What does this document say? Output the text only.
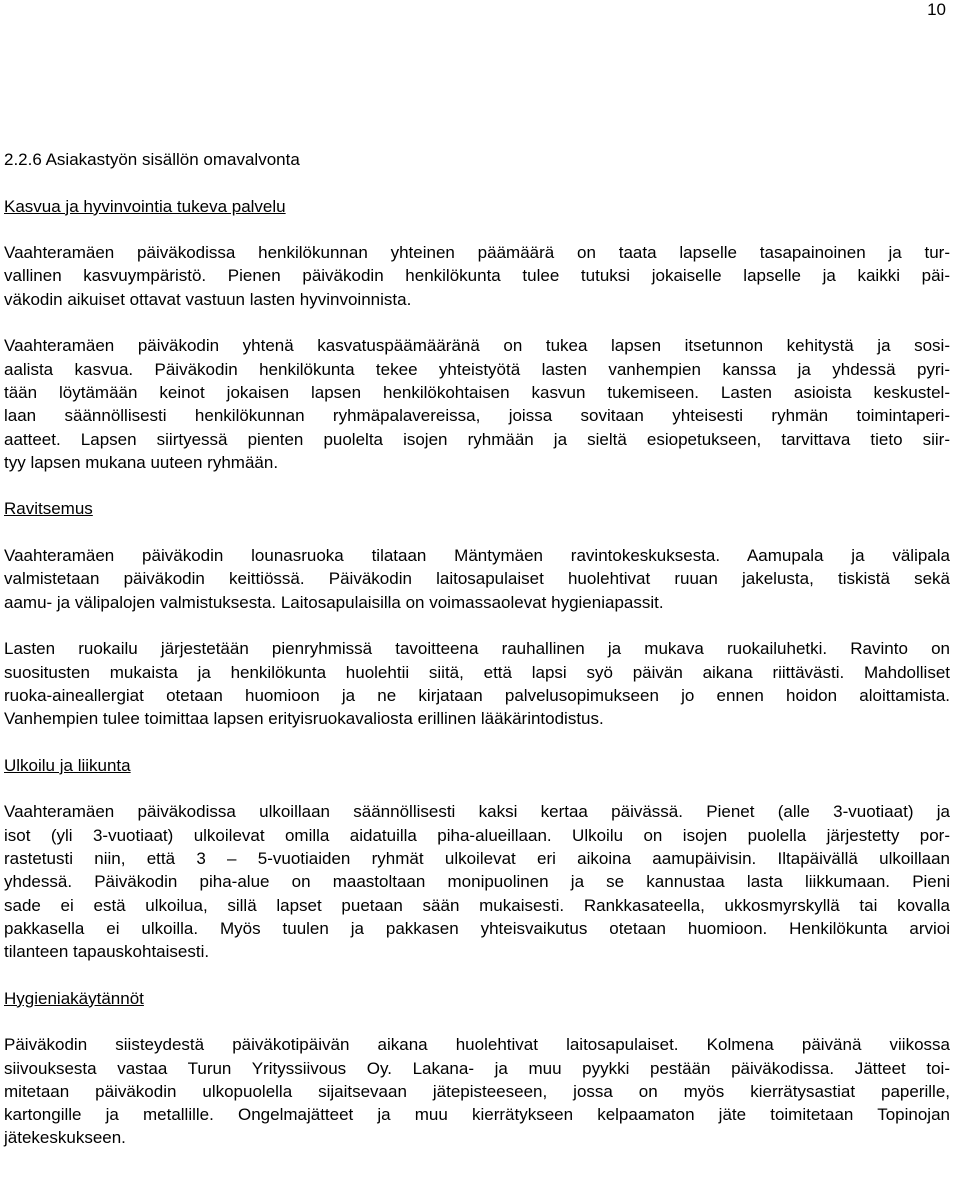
10
2.2.6 Asiakastyön sisällön omavalvonta
Kasvua ja hyvinvointia tukeva palvelu
Vaahteramäen päiväkodissa henkilökunnan yhteinen päämäärä on taata lapselle tasapainoinen ja tur-
vallinen kasvuympäristö. Pienen päiväkodin henkilökunta tulee tutuksi jokaiselle lapselle ja kaikki päi-
väkodin aikuiset ottavat vastuun lasten hyvinvoinnista.
Vaahteramäen päiväkodin yhtenä kasvatuspäämääränä on tukea lapsen itsetunnon kehitystä ja sosi-
aalista kasvua. Päiväkodin henkilökunta tekee yhteistyötä lasten vanhempien kanssa ja yhdessä pyri-
tään löytämään keinot jokaisen lapsen henkilökohtaisen kasvun tukemiseen. Lasten asioista keskustel-
laan säännöllisesti henkilökunnan ryhmäpalavereissa, joissa sovitaan yhteisesti ryhmän toimintaperi-
aatteet. Lapsen siirtyessä pienten puolelta isojen ryhmään ja sieltä esiopetukseen, tarvittava tieto siir-
tyy lapsen mukana uuteen ryhmään.
Ravitsemus
Vaahteramäen päiväkodin lounasruoka tilataan Mäntymäen ravintokeskuksesta. Aamupala ja välipala
valmistetaan päiväkodin keittiössä. Päiväkodin laitosapulaiset huolehtivat ruuan jakelusta, tiskistä sekä
aamu- ja välipalojen valmistuksesta. Laitosapulaisilla on voimassaolevat hygieniapassit.
Lasten ruokailu järjestetään pienryhmissä tavoitteena rauhallinen ja mukava ruokailuhetki. Ravinto on
suositusten mukaista ja henkilökunta huolehtii siitä, että lapsi syö päivän aikana riittävästi. Mahdolliset
ruoka-aineallergiat otetaan huomioon ja ne kirjataan palvelusopimukseen jo ennen hoidon aloittamista.
Vanhempien tulee toimittaa lapsen erityisruokavaliosta erillinen lääkärintodistus.
Ulkoilu ja liikunta
Vaahteramäen päiväkodissa ulkoillaan säännöllisesti kaksi kertaa päivässä. Pienet (alle 3-vuotiaat) ja
isot (yli 3-vuotiaat) ulkoilevat omilla aidatuilla piha-alueillaan. Ulkoilu on isojen puolella järjestetty por-
rastetusti niin, että 3 – 5-vuotiaiden ryhmät ulkoilevat eri aikoina aamupäivisin. Iltapäivällä ulkoillaan
yhdessä. Päiväkodin piha-alue on maastoltaan monipuolinen ja se kannustaa lasta liikkumaan. Pieni
sade ei estä ulkoilua, sillä lapset puetaan sään mukaisesti. Rankkasateella, ukkosmyrskyllä tai kovalla
pakkasella ei ulkoilla. Myös tuulen ja pakkasen yhteisvaikutus otetaan huomioon. Henkilökunta arvioi
tilanteen tapauskohtaisesti.
Hygieniakäytännöt
Päiväkodin siisteydestä päiväkotipäivän aikana huolehtivat laitosapulaiset. Kolmena päivänä viikossa
siivouksesta vastaa Turun Yrityssiivous Oy. Lakana- ja muu pyykki pestään päiväkodissa. Jätteet toi-
mitetaan päiväkodin ulkopuolella sijaitsevaan jätepisteeseen, jossa on myös kierrätysastiat paperille,
kartongille ja metallille. Ongelmajätteet ja muu kierrätykseen kelpaamaton jäte toimitetaan Topinojan
jätekeskukseen.
